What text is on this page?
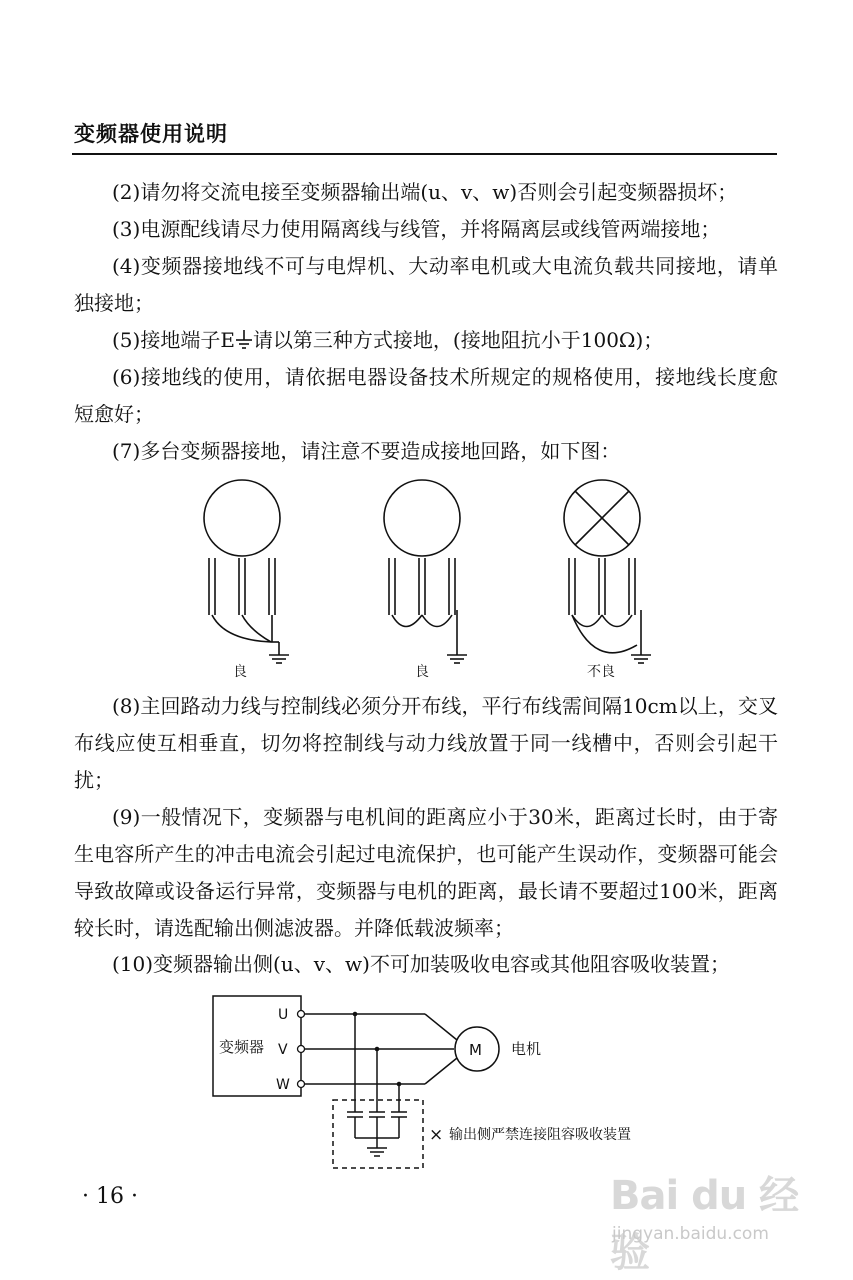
变频器使用说明

(2)请勿将交流电接至变频器输出端(u、v、w)否则会引起变频器损坏；

(3)电源配线请尽力使用隔离线与线管，并将隔离层或线管两端接地；

(4)变频器接地线不可与电焊机、大动率电机或大电流负载共同接地，请单独接地；

(5)接地端子E 请以第三种方式接地，(接地阻抗小于100Ω)；

(6)接地线的使用，请依据电器设备技术所规定的规格使用，接地线长度愈短愈好；

(7)多台变频器接地，请注意不要造成接地回路，如下图：

良	良	不良

(8)主回路动力线与控制线必须分开布线，平行布线需间隔10cm以上，交叉布线应使互相垂直，切勿将控制线与动力线放置于同一线槽中，否则会引起干扰；

(9)一般情况下，变频器与电机间的距离应小于30米，距离过长时，由于寄生电容所产生的冲击电流会引起过电流保护，也可能产生误动作，变频器可能会导致故障或设备运行异常，变频器与电机的距离，最长请不要超过100米，距离较长时，请选配输出侧滤波器。并降低载波频率；

(10)变频器输出侧(u、v、w)不可加装吸收电容或其他阻容吸收装置；

变频器
U
V
W
M 电机
× 输出侧严禁连接阻容吸收装置
· 16 ·	Bai du 经验
jingyan.baidu.com
